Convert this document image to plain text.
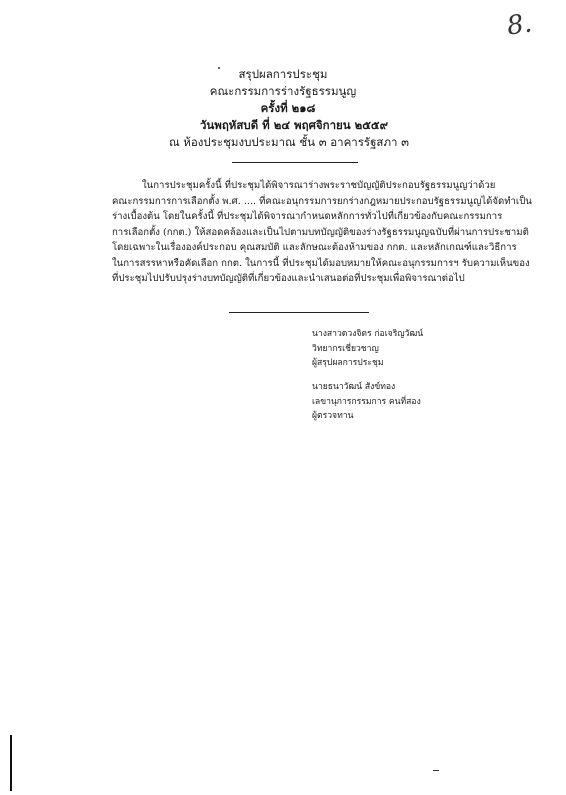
8.
สรุปผลการประชุม
คณะกรรมการร่างรัฐธรรมนูญ
ครั้งที่ ๒๑๘
วันพฤหัสบดี ที่ ๒๔ พฤศจิกายน ๒๕๕๙
ณ ห้องประชุมงบประมาณ ชั้น ๓ อาคารรัฐสภา ๓
ในการประชุมครั้งนี้ ที่ประชุมได้พิจารณาร่างพระราชบัญญัติประกอบรัฐธรรมนูญว่าด้วย
คณะกรรมการการเลือกตั้ง พ.ศ. .... ที่คณะอนุกรรมการยกร่างกฎหมายประกอบรัฐธรรมนูญได้จัดทำเป็น
ร่างเบื้องต้น โดยในครั้งนี้ ที่ประชุมได้พิจารณากำหนดหลักการทั่วไปที่เกี่ยวข้องกับคณะกรรมการ
การเลือกตั้ง (กกต.) ให้สอดคล้องและเป็นไปตามบทบัญญัติของร่างรัฐธรรมนูญฉบับที่ผ่านการประชามติ
โดยเฉพาะในเรื่ององค์ประกอบ คุณสมบัติ และลักษณะต้องห้ามของ กกต. และหลักเกณฑ์และวิธีการ
ในการสรรหาหรือคัดเลือก กกต. ในการนี้ ที่ประชุมได้มอบหมายให้คณะอนุกรรมการฯ รับความเห็นของ
ที่ประชุมไปปรับปรุงร่างบทบัญญัติที่เกี่ยวข้องและนำเสนอต่อที่ประชุมเพื่อพิจารณาต่อไป
นางสาวดวงจิตร ก่อเจริญวัฒน์
วิทยากรเชี่ยวชาญ
ผู้สรุปผลการประชุม
นายธนาวัฒน์ สังข์ทอง
เลขานุการกรรมการ คนที่สอง
ผู้ตรวจทาน
